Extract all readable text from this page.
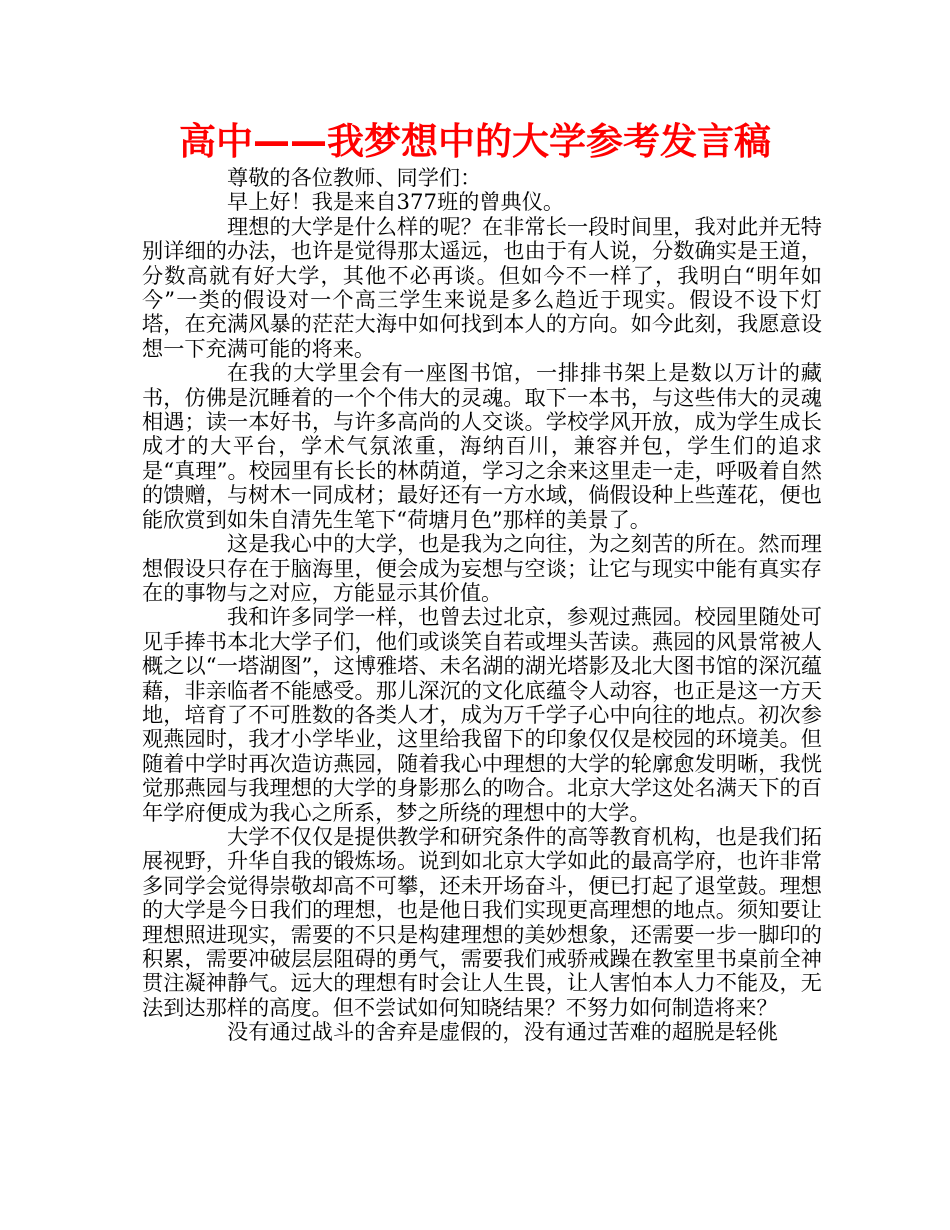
高中——我梦想中的大学参考发言稿

尊敬的各位教师、同学们：

早上好！我是来自377班的曾典仪。

理想的大学是什么样的呢？在非常长一段时间里，我对此并无特别详细的办法，也许是觉得那太遥远，也由于有人说，分数确实是王道，分数高就有好大学，其他不必再谈。但如今不一样了，我明白“明年如今”一类的假设对一个高三学生来说是多么趋近于现实。假设不设下灯塔，在充满风暴的茫茫大海中如何找到本人的方向。如今此刻，我愿意设想一下充满可能的将来。

在我的大学里会有一座图书馆，一排排书架上是数以万计的藏书，仿佛是沉睡着的一个个伟大的灵魂。取下一本书，与这些伟大的灵魂相遇；读一本好书，与许多高尚的人交谈。学校学风开放，成为学生成长成才的大平台，学术气氛浓重，海纳百川，兼容并包，学生们的追求是“真理”。校园里有长长的林荫道，学习之余来这里走一走，呼吸着自然的馈赠，与树木一同成材；最好还有一方水域，倘假设种上些莲花，便也能欣赏到如朱自清先生笔下“荷塘月色”那样的美景了。

这是我心中的大学，也是我为之向往，为之刻苦的所在。然而理想假设只存在于脑海里，便会成为妄想与空谈；让它与现实中能有真实存在的事物与之对应，方能显示其价值。

我和许多同学一样，也曾去过北京，参观过燕园。校园里随处可见手捧书本北大学子们，他们或谈笑自若或埋头苦读。燕园的风景常被人概之以“一塔湖图”，这博雅塔、未名湖的湖光塔影及北大图书馆的深沉蕴藉，非亲临者不能感受。那儿深沉的文化底蕴令人动容，也正是这一方天地，培育了不可胜数的各类人才，成为万千学子心中向往的地点。初次参观燕园时，我才小学毕业，这里给我留下的印象仅仅是校园的环境美。但随着中学时再次造访燕园，随着我心中理想的大学的轮廓愈发明晰，我恍觉那燕园与我理想的大学的身影那么的吻合。北京大学这处名满天下的百年学府便成为我心之所系，梦之所绕的理想中的大学。

大学不仅仅是提供教学和研究条件的高等教育机构，也是我们拓展视野，升华自我的锻炼场。说到如北京大学如此的最高学府，也许非常多同学会觉得崇敬却高不可攀，还未开场奋斗，便已打起了退堂鼓。理想的大学是今日我们的理想，也是他日我们实现更高理想的地点。须知要让理想照进现实，需要的不只是构建理想的美妙想象，还需要一步一脚印的积累，需要冲破层层阻碍的勇气，需要我们戒骄戒躁在教室里书桌前全神贯注凝神静气。远大的理想有时会让人生畏，让人害怕本人力不能及，无法到达那样的高度。但不尝试如何知晓结果？不努力如何制造将来？

没有通过战斗的舍弃是虚假的，没有通过苦难的超脱是轻佻
